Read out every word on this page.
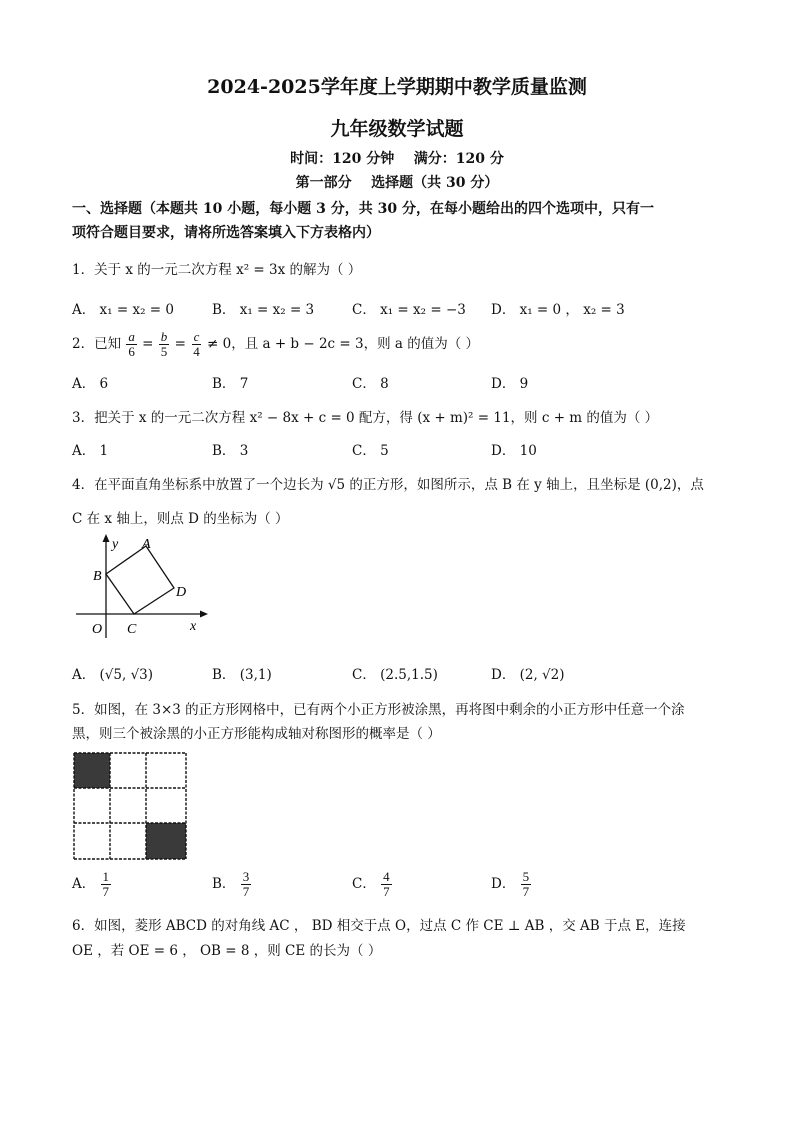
2024-2025学年度上学期期中教学质量监测
九年级数学试题
时间：120 分钟    满分：120 分
第一部分    选择题（共 30 分）
一、选择题（本题共 10 小题，每小题 3 分，共 30 分，在每小题给出的四个选项中，只有一
项符合题目要求，请将所选答案填入下方表格内）
1．关于 x 的一元二次方程 x² = 3x 的解为（ ）
A． x₁ = x₂ = 0	B． x₁ = x₂ = 3	C． x₁ = x₂ = −3 D． x₁ = 0 ， x₂ = 3
2．已知 $\frac{a}{6} = \frac{b}{5} = \frac{c}{4} \ne 0$，且 a + b − 2c = 3，则 a 的值为（ ）
A． 6	B． 7	C． 8	D． 9
3．把关于 x 的一元二次方程 x² − 8x + c = 0 配方，得 (x + m)² = 11，则 c + m 的值为（ ）
A． 1	B． 3	C． 5	D． 10
4．在平面直角坐标系中放置了一个边长为 √5 的正方形，如图所示，点 B 在 y 轴上，且坐标是 (0,2)，点
C 在 x 轴上，则点 D 的坐标为（ ）
y A
B
D
O C	x
A． (√5, √3)	B． (3,1)	C． (2.5,1.5)	D． (2, √2)
5．如图，在 3×3 的正方形网格中，已有两个小正方形被涂黑，再将图中剩余的小正方形中任意一个涂
黑，则三个被涂黑的小正方形能构成轴对称图形的概率是（ ）
A． $\frac{1}{7}$	B． $\frac{3}{7}$	C． $\frac{4}{7}$	D． $\frac{5}{7}$
6．如图，菱形 ABCD 的对角线 AC ， BD 相交于点 O，过点 C 作 CE ⊥ AB ，交 AB 于点 E，连接
OE ，若 OE = 6 ， OB = 8 ，则 CE 的长为（ ）
